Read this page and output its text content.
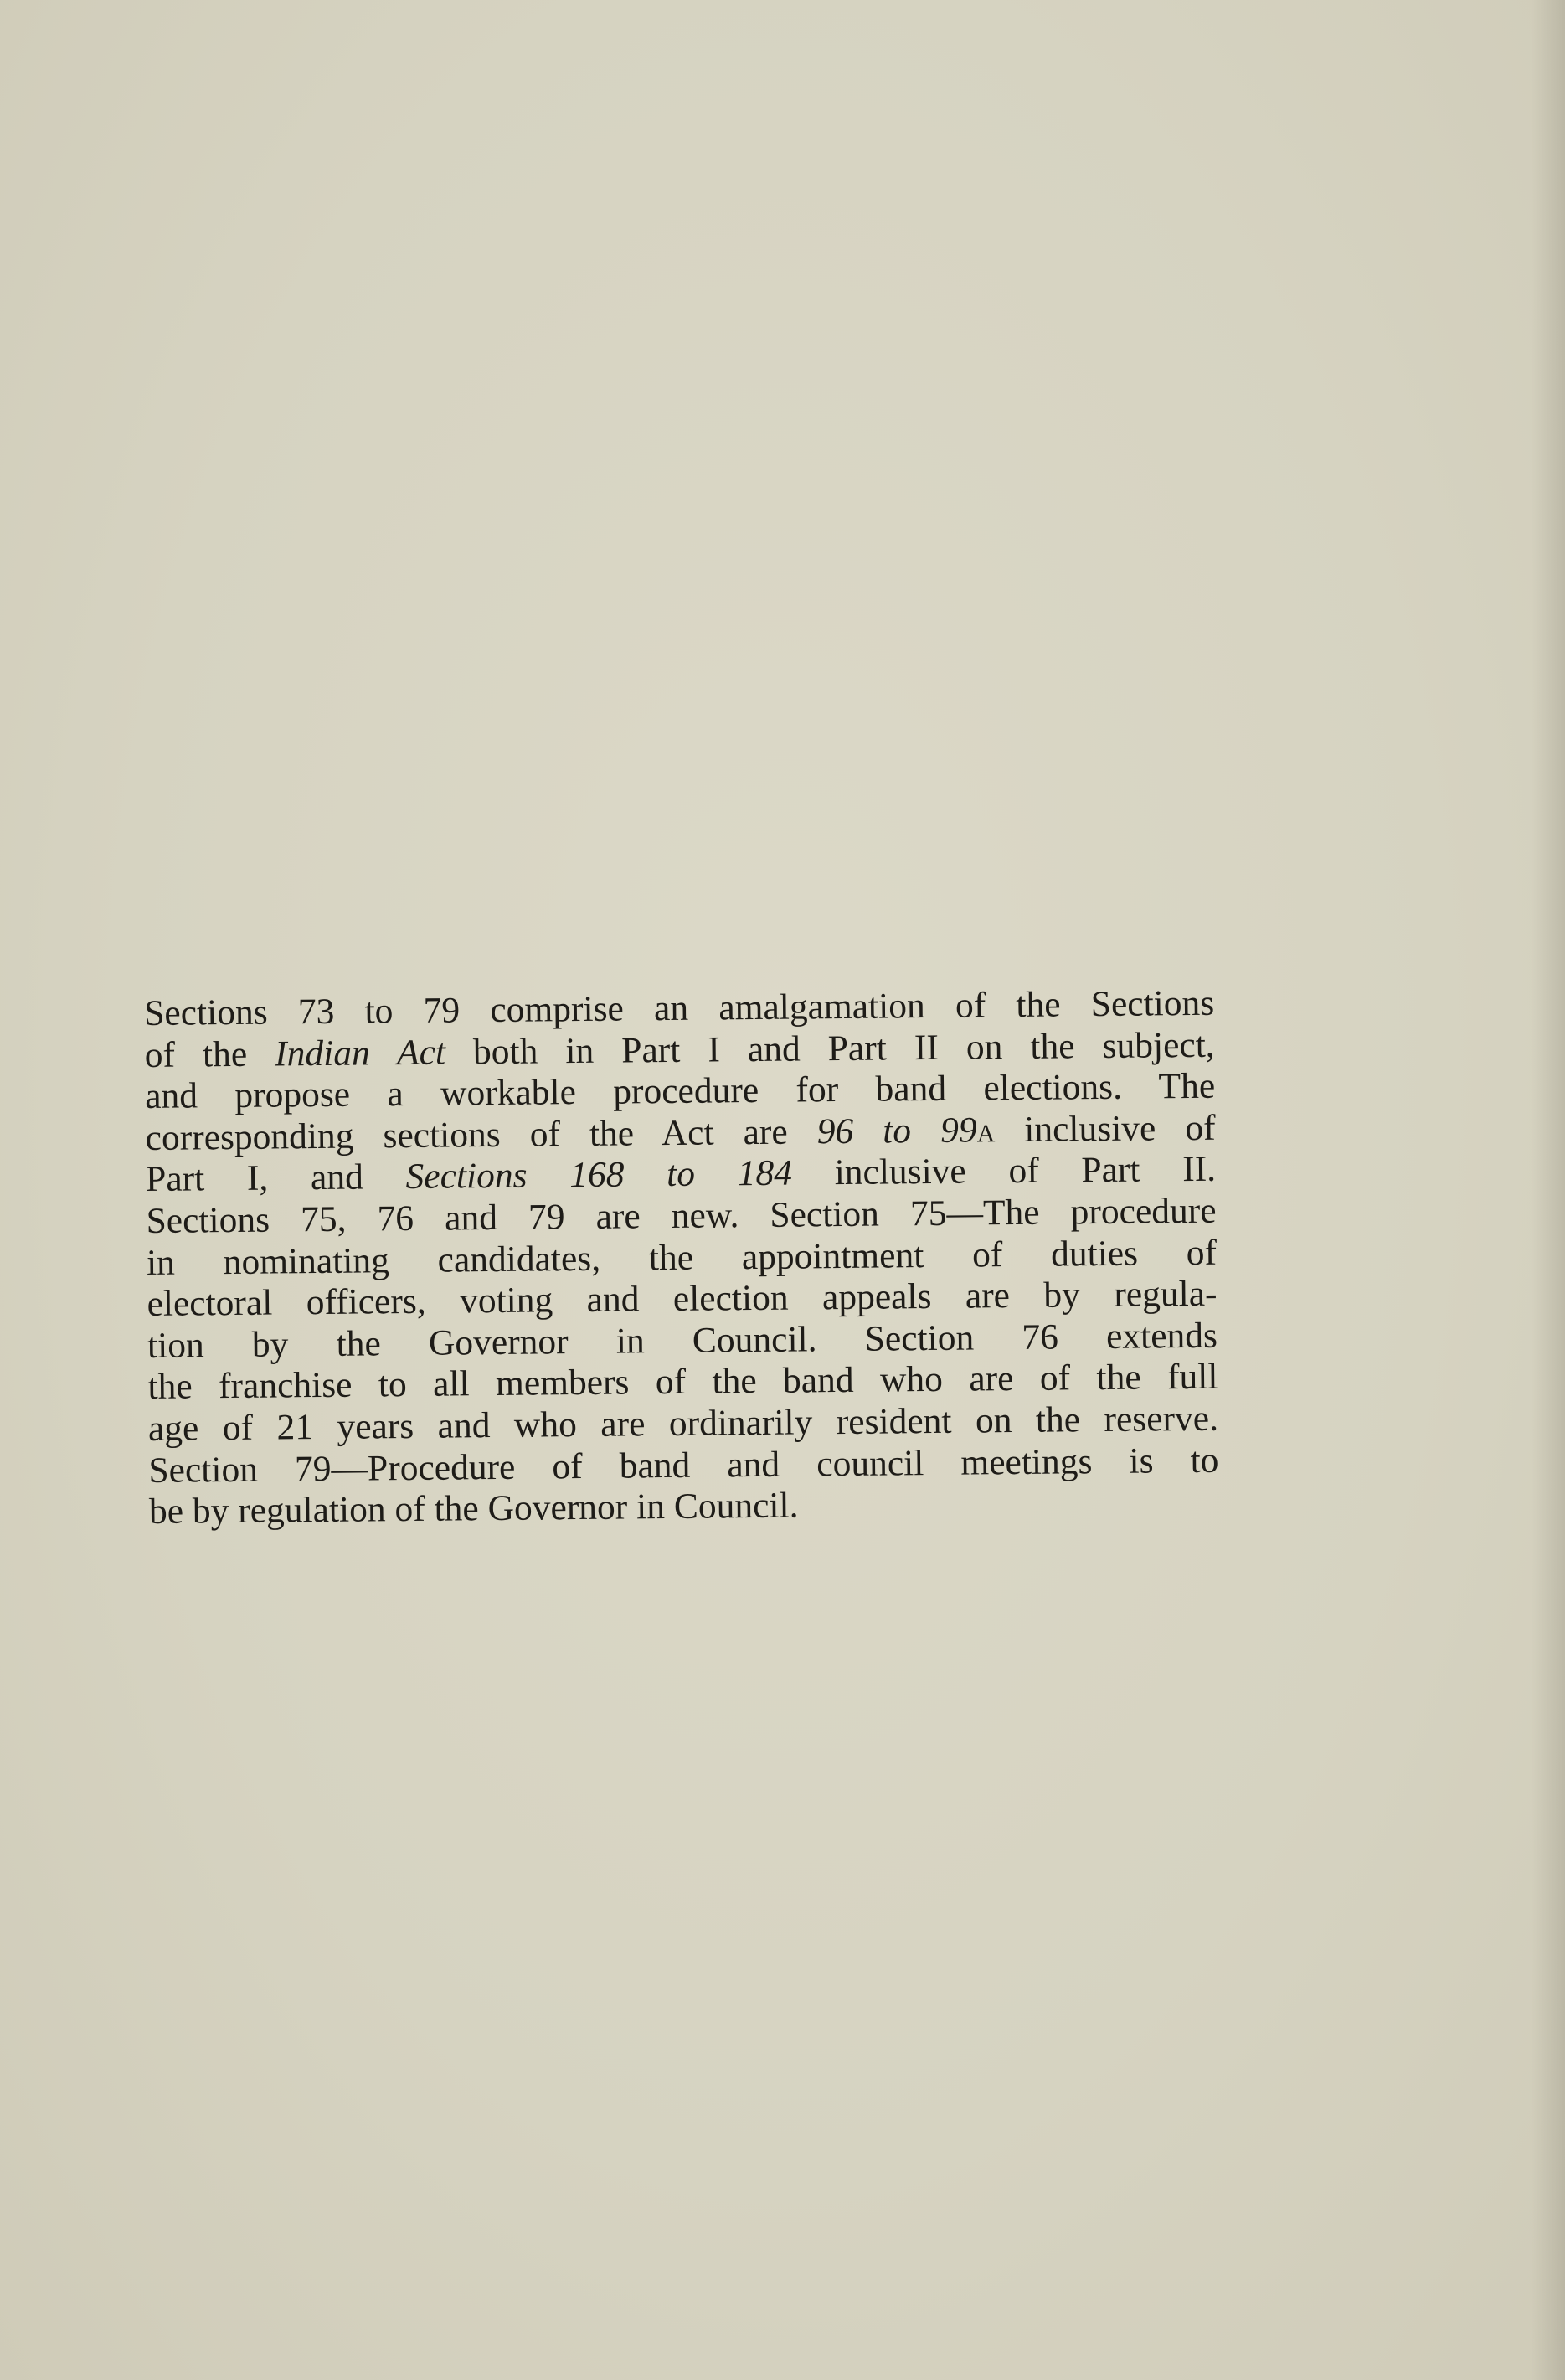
Sections 73 to 79 comprise an amalgamation of the Sections
of the Indian Act both in Part I and Part II on the subject,
and propose a workable procedure for band elections. The
corresponding sections of the Act are 96 to 99a inclusive of
Part I, and Sections 168 to 184 inclusive of Part II.
Sections 75, 76 and 79 are new. Section 75—The procedure
in nominating candidates, the appointment of duties of
electoral officers, voting and election appeals are by regula-
tion by the Governor in Council. Section 76 extends
the franchise to all members of the band who are of the full
age of 21 years and who are ordinarily resident on the reserve.
Section 79—Procedure of band and council meetings is to
be by regulation of the Governor in Council.
